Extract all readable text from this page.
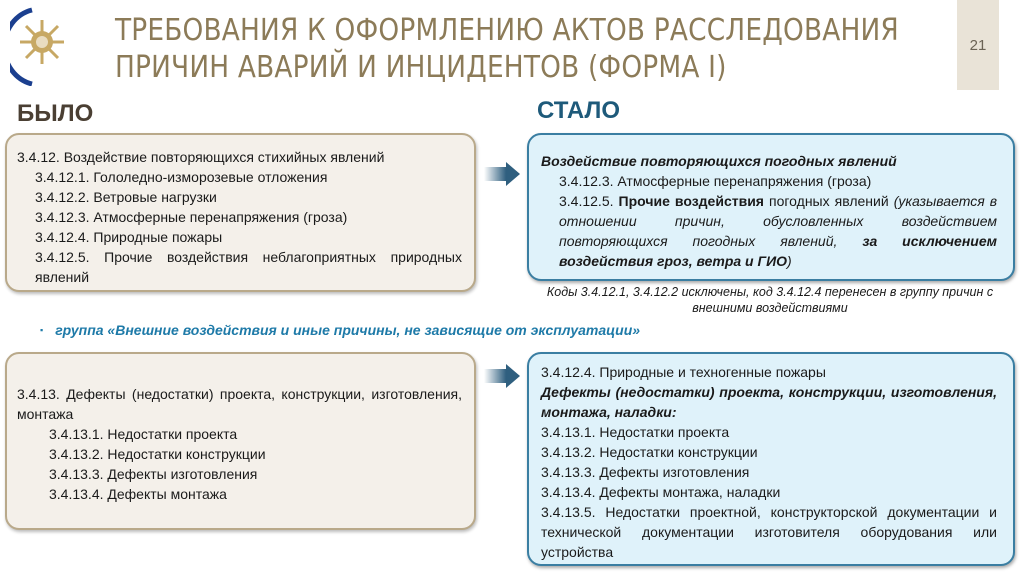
ТРЕБОВАНИЯ К ОФОРМЛЕНИЮ АКТОВ РАССЛЕДОВАНИЯ
ПРИЧИН АВАРИЙ И ИНЦИДЕНТОВ (ФОРМА I)
21
БЫЛО	СТАЛО
3.4.12. Воздействие повторяющихся стихийных явлений
3.4.12.1. Гололедно-изморозевые отложения
3.4.12.2. Ветровые нагрузки
3.4.12.3. Атмосферные перенапряжения (гроза)
3.4.12.4. Природные пожары
3.4.12.5. Прочие воздействия неблагоприятных природных явлений
Воздействие повторяющихся погодных явлений
3.4.12.3. Атмосферные перенапряжения (гроза)
3.4.12.5. Прочие воздействия погодных явлений (указывается в отношении причин, обусловленных воздействием повторяющихся погодных явлений, за исключением воздействия гроз, ветра и ГИО)
Коды 3.4.12.1, 3.4.12.2 исключены, код 3.4.12.4 перенесен в группу причин с внешними воздействиями
▪ группа «Внешние воздействия и иные причины, не зависящие от эксплуатации»
3.4.13. Дефекты (недостатки) проекта, конструкции, изготовления, монтажа
3.4.13.1. Недостатки проекта
3.4.13.2. Недостатки конструкции
3.4.13.3. Дефекты изготовления
3.4.13.4. Дефекты монтажа
3.4.12.4. Природные и техногенные пожары
Дефекты (недостатки) проекта, конструкции, изготовления, монтажа, наладки:
3.4.13.1. Недостатки проекта
3.4.13.2. Недостатки конструкции
3.4.13.3. Дефекты изготовления
3.4.13.4. Дефекты монтажа, наладки
3.4.13.5. Недостатки проектной, конструкторской документации и технической документации изготовителя оборудования или устройства
